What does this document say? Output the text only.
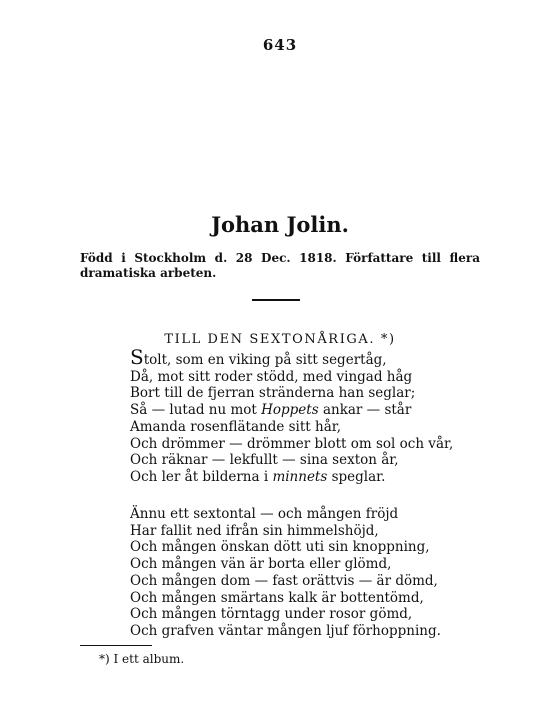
643
Johan Jolin.
Född i Stockholm d. 28 Dec. 1818. Författare till flera dramatiska arbeten.
TILL DEN SEXTONÅRIGA. *)
Stolt, som en viking på sitt segertåg,
Då, mot sitt roder stödd, med vingad håg
Bort till de fjerran stränderna han seglar;
Så — lutad nu mot Hoppets ankar — står
Amanda rosenflätande sitt hår,
Och drömmer — drömmer blott om sol och vår,
Och räknar — lekfullt — sina sexton år,
Och ler åt bilderna i minnets speglar.
Ännu ett sextontal — och mången fröjd
Har fallit ned ifrån sin himmelshöjd,
Och mången önskan dött uti sin knoppning,
Och mången vän är borta eller glömd,
Och mången dom — fast orättvis — är dömd,
Och mången smärtans kalk är bottentömd,
Och mången törntagg under rosor gömd,
Och grafven väntar mången ljuf förhoppning.
*) I ett album.
